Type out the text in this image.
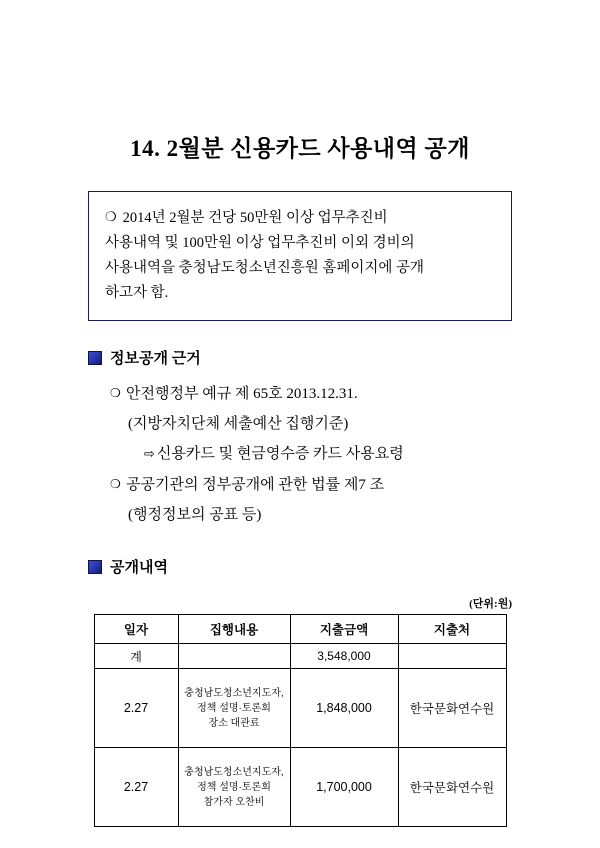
14. 2월분 신용카드 사용내역 공개
❍ 2014년 2월분 건당 50만원 이상 업무추진비
사용내역 및 100만원 이상 업무추진비 이외 경비의
사용내역을 충청남도청소년진흥원 홈페이지에 공개
하고자 함.
정보공개 근거
❍ 안전행정부 예규 제 65호 2013.12.31.
(지방자치단체 세출예산 집행기준)
⇨ 신용카드 및 현금영수증 카드 사용요령
❍ 공공기관의 정부공개에 관한 법률 제7 조
(행정정보의 공표 등)
공개내역
(단위:원)
일자	집행내용	지출금액	지출처
계		3,548,000	
2.27	충청남도청소년지도자,
정책 설명·토론회
장소 대관료	1,848,000	한국문화연수원
2.27	충청남도청소년지도자,
정책 설명·토론회
참가자 오찬비	1,700,000	한국문화연수원
